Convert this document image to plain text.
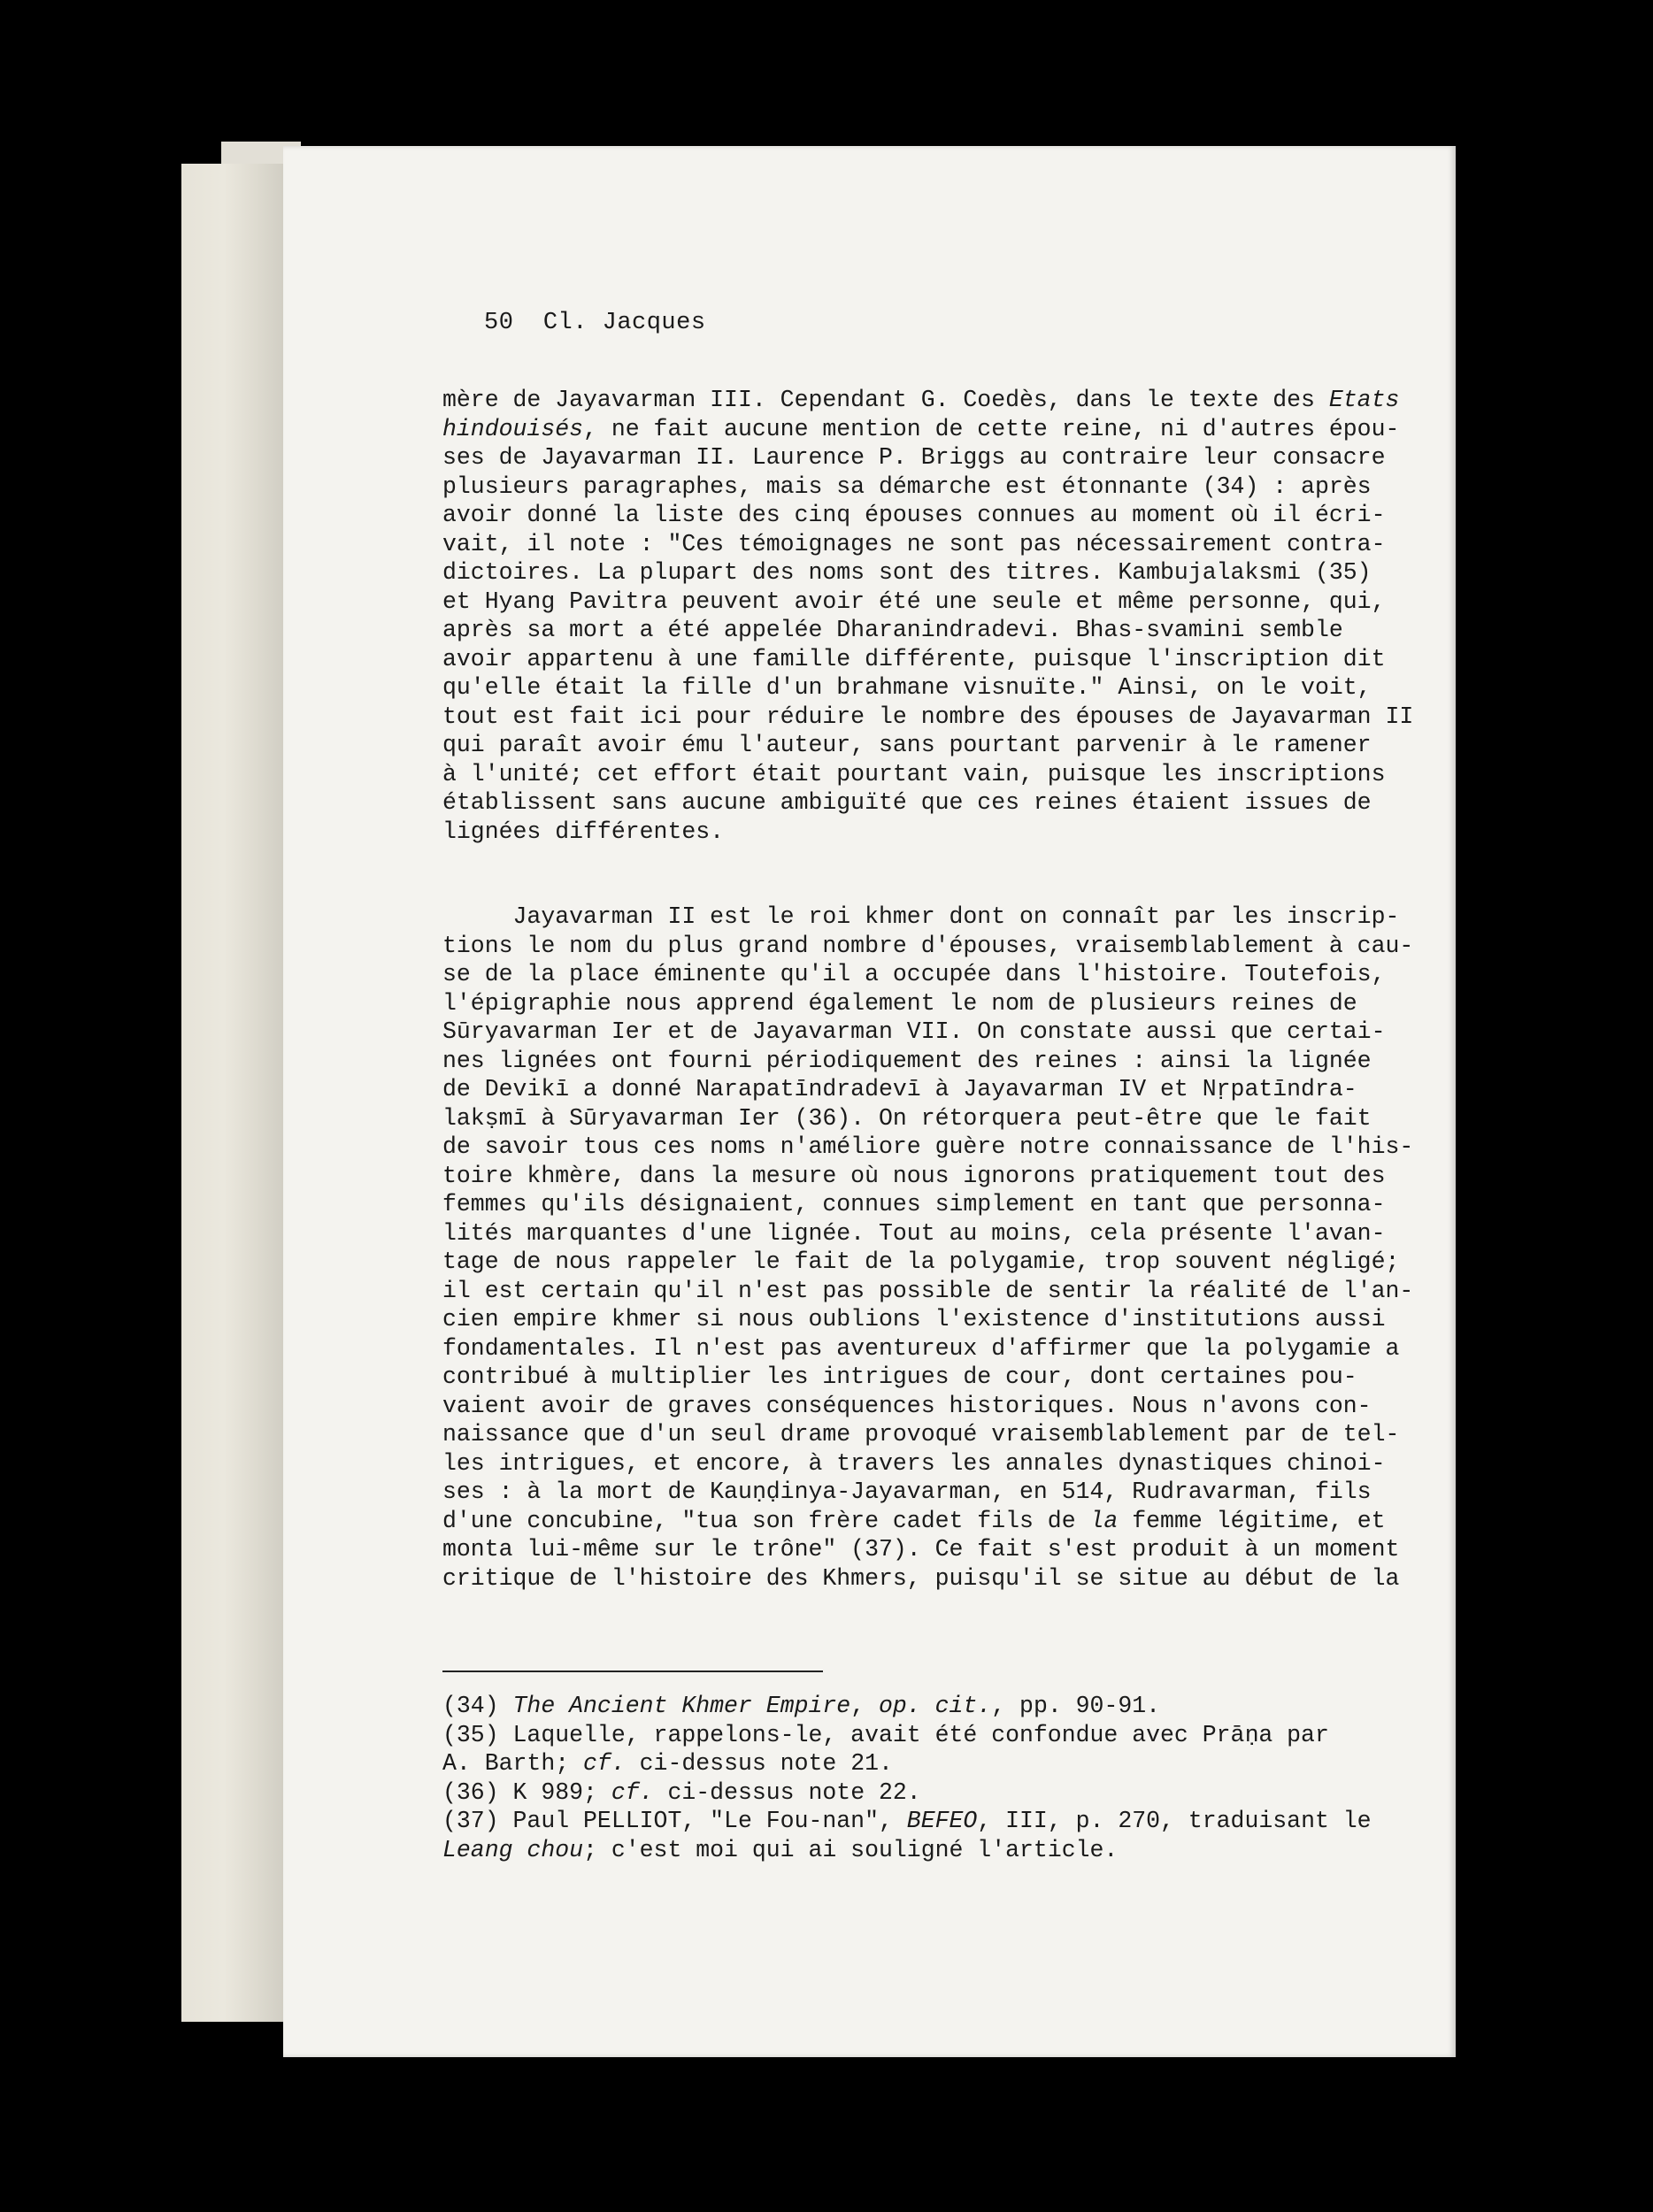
50 Cl. Jacques
mère de Jayavarman III. Cependant G. Coedès, dans le texte des Etats
hindouisés, ne fait aucune mention de cette reine, ni d'autres épou-
ses de Jayavarman II. Laurence P. Briggs au contraire leur consacre
plusieurs paragraphes, mais sa démarche est étonnante (34) : après
avoir donné la liste des cinq épouses connues au moment où il écri-
vait, il note : "Ces témoignages ne sont pas nécessairement contra-
dictoires. La plupart des noms sont des titres. Kambujalaksmi (35)
et Hyang Pavitra peuvent avoir été une seule et même personne, qui,
après sa mort a été appelée Dharanindradevi. Bhas-svamini semble
avoir appartenu à une famille différente, puisque l'inscription dit
qu'elle était la fille d'un brahmane visnuïte." Ainsi, on le voit,
tout est fait ici pour réduire le nombre des épouses de Jayavarman II
qui paraît avoir ému l'auteur, sans pourtant parvenir à le ramener
à l'unité; cet effort était pourtant vain, puisque les inscriptions
établissent sans aucune ambiguïté que ces reines étaient issues de
lignées différentes.
Jayavarman II est le roi khmer dont on connaît par les inscrip-
tions le nom du plus grand nombre d'épouses, vraisemblablement à cau-
se de la place éminente qu'il a occupée dans l'histoire. Toutefois,
l'épigraphie nous apprend également le nom de plusieurs reines de
Sūryavarman Ier et de Jayavarman VII. On constate aussi que certai-
nes lignées ont fourni périodiquement des reines : ainsi la lignée
de Devikī a donné Narapatīndradevī à Jayavarman IV et Nṛpatīndra-
lakṣmī à Sūryavarman Ier (36). On rétorquera peut-être que le fait
de savoir tous ces noms n'améliore guère notre connaissance de l'his-
toire khmère, dans la mesure où nous ignorons pratiquement tout des
femmes qu'ils désignaient, connues simplement en tant que personna-
lités marquantes d'une lignée. Tout au moins, cela présente l'avan-
tage de nous rappeler le fait de la polygamie, trop souvent négligé;
il est certain qu'il n'est pas possible de sentir la réalité de l'an-
cien empire khmer si nous oublions l'existence d'institutions aussi
fondamentales. Il n'est pas aventureux d'affirmer que la polygamie a
contribué à multiplier les intrigues de cour, dont certaines pou-
vaient avoir de graves conséquences historiques. Nous n'avons con-
naissance que d'un seul drame provoqué vraisemblablement par de tel-
les intrigues, et encore, à travers les annales dynastiques chinoi-
ses : à la mort de Kauṇḍinya-Jayavarman, en 514, Rudravarman, fils
d'une concubine, "tua son frère cadet fils de la femme légitime, et
monta lui-même sur le trône" (37). Ce fait s'est produit à un moment
critique de l'histoire des Khmers, puisqu'il se situe au début de la
(34) The Ancient Khmer Empire, op. cit., pp. 90-91.
(35) Laquelle, rappelons-le, avait été confondue avec Prāṇa par
A. Barth; cf. ci-dessus note 21.
(36) K 989; cf. ci-dessus note 22.
(37) Paul PELLIOT, "Le Fou-nan", BEFEO, III, p. 270, traduisant le
Leang chou; c'est moi qui ai souligné l'article.
